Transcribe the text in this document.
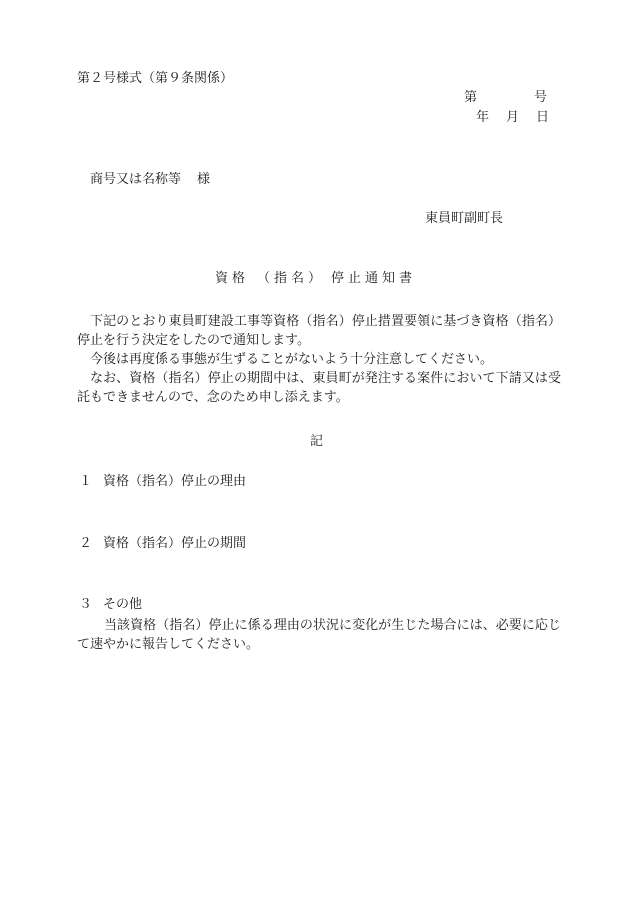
第２号様式（第９条関係）
第	号
年 月 日
商号又は名称等 様
東員町副町長
資格 （指名） 停止通知書
下記のとおり東員町建設工事等資格（指名）停止措置要領に基づき資格（指名）停止を行う決定をしたので通知します。
今後は再度係る事態が生ずることがないよう十分注意してください。
なお、資格（指名）停止の期間中は、東員町が発注する案件において下請又は受託もできませんので、念のため申し添えます。
記
１ 資格（指名）停止の理由
２ 資格（指名）停止の期間
３ その他
当該資格（指名）停止に係る理由の状況に変化が生じた場合には、必要に応じて速やかに報告してください。
